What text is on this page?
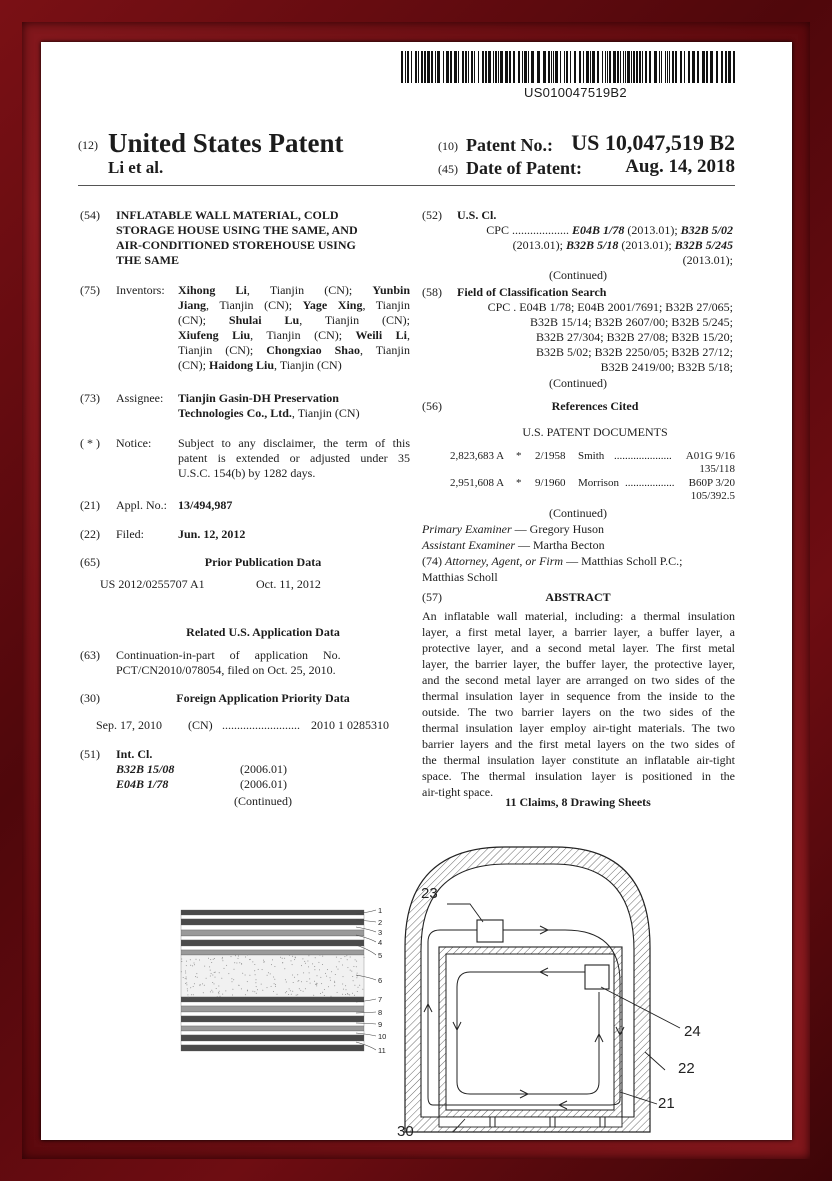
US010047519B2
(12) United States Patent
Li et al.
(10) Patent No.: US 10,047,519 B2
(45) Date of Patent:	Aug. 14, 2018
(54) INFLATABLE WALL MATERIAL, COLD
STORAGE HOUSE USING THE SAME, AND
AIR-CONDITIONED STOREHOUSE USING
THE SAME
(75) Inventors: Xihong Li, Tianjin (CN); Yunbin
Jiang, Tianjin (CN); Yage Xing, Tianjin
(CN); Shulai Lu, Tianjin (CN);
Xiufeng Liu, Tianjin (CN); Weili Li,
Tianjin (CN); Chongxiao Shao, Tianjin
(CN); Haidong Liu, Tianjin (CN)
(73) Assignee: Tianjin Gasin-DH Preservation
Technologies Co., Ltd., Tianjin (CN)
( * ) Notice: Subject to any disclaimer, the term of this
patent is extended or adjusted under 35
U.S.C. 154(b) by 1282 days.
(21) Appl. No.: 13/494,987
(22) Filed:	Jun. 12, 2012
(65)	Prior Publication Data
US 2012/0255707 A1	Oct. 11, 2012
Related U.S. Application Data
(63) Continuation-in-part     of     application     No.
PCT/CN2010/078054, filed on Oct. 25, 2010.
(30)	Foreign Application Priority Data
Sep. 17, 2010 (CN) .......................... 2010 1 0285310
(51) Int. Cl.
B32B 15/08	(2006.01)
E04B 1/78	(2006.01)
(Continued)
(52) U.S. Cl.
CPC ................... E04B 1/78 (2013.01); B32B 5/02
(2013.01); B32B 5/18 (2013.01); B32B 5/245
(2013.01);
(Continued)
(58) Field of Classification Search
CPC . E04B 1/78; E04B 2001/7691; B32B 27/065;
B32B 15/14; B32B 2607/00; B32B 5/245;
B32B 27/304; B32B 27/08; B32B 15/20;
B32B 5/02; B32B 2250/05; B32B 27/12;
B32B 2419/00; B32B 5/18;
(Continued)
(56)	References Cited
U.S. PATENT DOCUMENTS
2,823,683 A * 2/1958 Smith .....................	A01G 9/16
135/118
2,951,608 A * 9/1960 Morrison ..................	B60P 3/20
105/392.5
(Continued)
Primary Examiner — Gregory Huson
Assistant Examiner — Martha Becton
(74) Attorney, Agent, or Firm — Matthias Scholl P.C.;
Matthias Scholl
(57)	ABSTRACT
An inflatable wall material, including: a thermal insulation
layer, a first metal layer, a barrier layer, a buffer layer, a
protective layer, and a second metal layer. The first metal
layer, the barrier layer, the buffer layer, the protective layer,
and the second metal layer are arranged on two sides of the
thermal insulation layer in sequence from the inside to the
outside. The two barrier layers on the two sides of the
thermal insulation layer employ air-tight materials. The two
barrier layers and the first metal layers on the two sides of
the thermal insulation layer constitute an inflatable air-tight
space. The thermal insulation layer is positioned in the
air-tight space.
11 Claims, 8 Drawing Sheets
1
2
3
4
5
6
7
8
9
10
11
23
24
22
21
30
